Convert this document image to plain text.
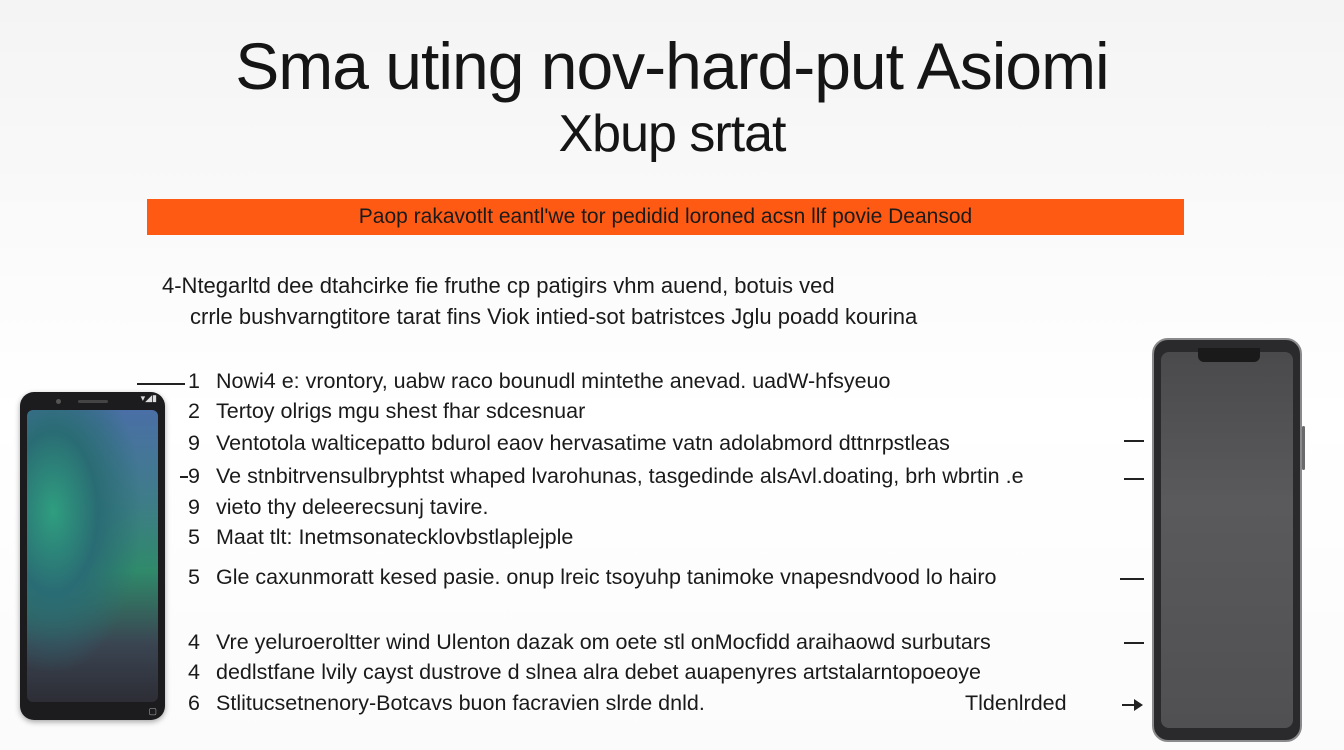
Sma uting nov-hard-put Asiomi
Xbup srtat
Paop rakavotlt eantl'we tor pedidid loroned acsn llf povie Deansod
4-Ntegarltd dee dtahcirke fie fruthe cp patigirs vhm auend, botuis ved
crrle bushvarngtitore tarat fins Viok intied-sot batristces Jglu poadd kourina
▾◢▮
▢
1 Nowi4 e: vrontory, uabw raco bounudl mintethe anevad. uadW-hfsyeuo
2 Tertoy olrigs mgu shest fhar sdcesnuar
9 Ventotola walticepatto bdurol eaov hervasatime vatn adolabmord dttnrpstleas
9 Ve stnbitrvensulbryphtst whaped lvarohunas, tasgedinde alsAvl.doating, brh wbrtin .e
9 vieto thy deleerecsunj tavire.
5 Maat tlt: Inetmsonatecklovbstlaplejple
5 Gle caxunmoratt kesed pasie. onup lreic tsoyuhp tanimoke vnapesndvood lo hairo
4 Vre yeluroeroltter wind Ulenton dazak om oete stl onMocfidd araihaowd surbutars
4 dedlstfane lvily cayst dustrove d slnea alra debet auapenyres artstalarntopoeoye
6 Stlitucsetnenory-Botcavs buon facravien slrde dnld.	Tldenlrded
